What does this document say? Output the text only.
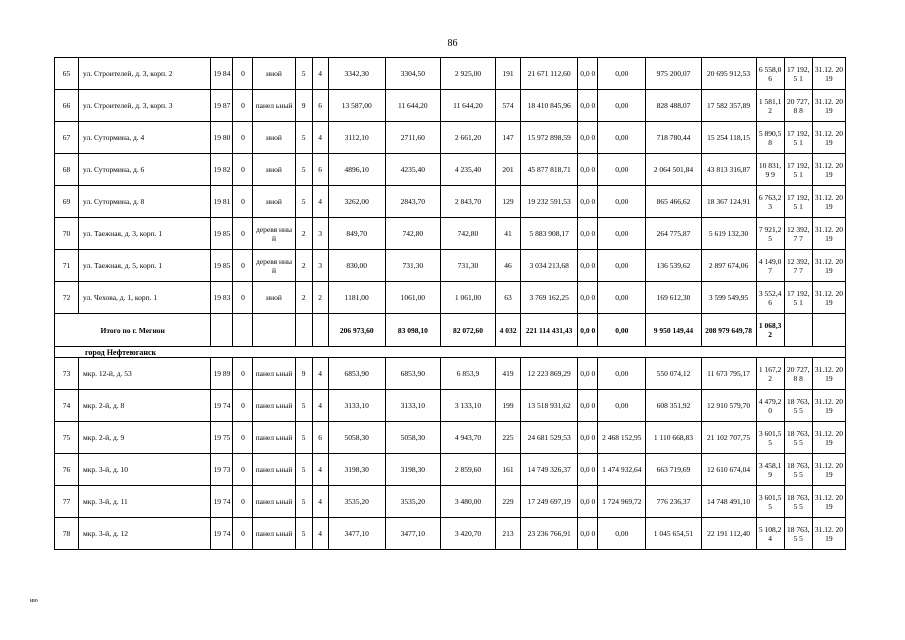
86
65	ул. Строителей, д. 3, корп. 2	19 84	0	иной	5	4	3342,30	3304,50	2 925,00	191	21 671 112,60	0,0 0	0,00	975 200,07	20 695 912,53	6 558,0 6	17 192,5 1	31.12. 2019
66	ул. Строителей, д. 3, корп. 3	19 87	0	панел ьный	9	6	13 587,00	11 644,20	11 644,20	574	18 410 845,96	0,0 0	0,00	828 488,07	17 582 357,89	1 581,1 2	20 727,8 8	31.12. 2019
67	ул. Сутормина, д. 4	19 80	0	иной	5	4	3112,10	2711,60	2 661,20	147	15 972 898,59	0,0 0	0,00	718 780,44	15 254 118,15	5 890,5 8	17 192,5 1	31.12. 2019
68	ул. Сутормина, д. 6	19 82	0	иной	5	6	4896,10	4235,40	4 235,40	201	45 877 818,71	0,0 0	0,00	2 064 501,84	43 813 316,87	10 831,9 9	17 192,5 1	31.12. 2019
69	ул. Сутормина, д. 8	19 81	0	иной	5	4	3262,00	2843,70	2 843,70	129	19 232 591,53	0,0 0	0,00	865 466,62	18 367 124,91	6 763,2 3	17 192,5 1	31.12. 2019
70	ул. Таежная, д. 3, корп. 1	19 85	0	деревя нный	2	3	849,70	742,80	742,80	41	5 883 908,17	0,0 0	0,00	264 775,87	5 619 132,30	7 921,2 5	12 392,7 7	31.12. 2019
71	ул. Таежная, д. 5, корп. 1	19 85	0	деревя нный	2	3	830,00	731,30	731,30	46	3 034 213,68	0,0 0	0,00	136 539,62	2 897 674,06	4 149,0 7	12 392,7 7	31.12. 2019
72	ул. Чехова, д. 1, корп. 1	19 83	0	иной	2	2	1181,00	1061,00	1 061,00	63	3 769 162,25	0,0 0	0,00	169 612,30	3 599 549,95	3 552,4 6	17 192,5 1	31.12. 2019
Итого по г. Мегион							206 973,60	83 098,10	82 072,60	4 032	221 114 431,43	0,0 0	0,00	9 950 149,44	208 979 649,78	1 068,3 2		
город Нефтеюганск																		
73	мкр. 12-й, д. 53	19 89	0	панел ьный	9	4	6853,90	6853,90	6 853,9	419	12 223 869,29	0,0 0	0,00	550 074,12	11 673 795,17	1 167,2 2	20 727,8 8	31.12. 2019
74	мкр. 2-й, д. 8	19 74	0	панел ьный	5	4	3133,10	3133,10	3 133,10	199	13 518 931,62	0,0 0	0,00	608 351,92	12 910 579,70	4 479,2 0	18 763,5 5	31.12. 2019
75	мкр. 2-й, д. 9	19 75	0	панел ьный	5	6	5058,30	5058,30	4 943,70	225	24 681 529,53	0,0 0	2 468 152,95	1 110 668,83	21 102 707,75	3 601,5 5	18 763,5 5	31.12. 2019
76	мкр. 3-й, д. 10	19 73	0	панел ьный	5	4	3198,30	3198,30	2 859,60	161	14 749 326,37	0,0 0	1 474 932,64	663 719,69	12 610 674,04	3 458,1 9	18 763,5 5	31.12. 2019
77	мкр. 3-й, д. 11	19 74	0	панел ьный	5	4	3535,20	3535,20	3 480,00	229	17 249 697,19	0,0 0	1 724 969,72	776 236,37	14 748 491,10	3 601,5 5	18 763,5 5	31.12. 2019
78	мкр. 3-й, д. 12	19 74	0	панел ьный	5	4	3477,10	3477,10	3 420,70	213	23 236 766,91	0,0 0	0,00	1 045 654,51	22 191 112,40	5 108,2 4	18 763,5 5	31.12. 2019
ию
